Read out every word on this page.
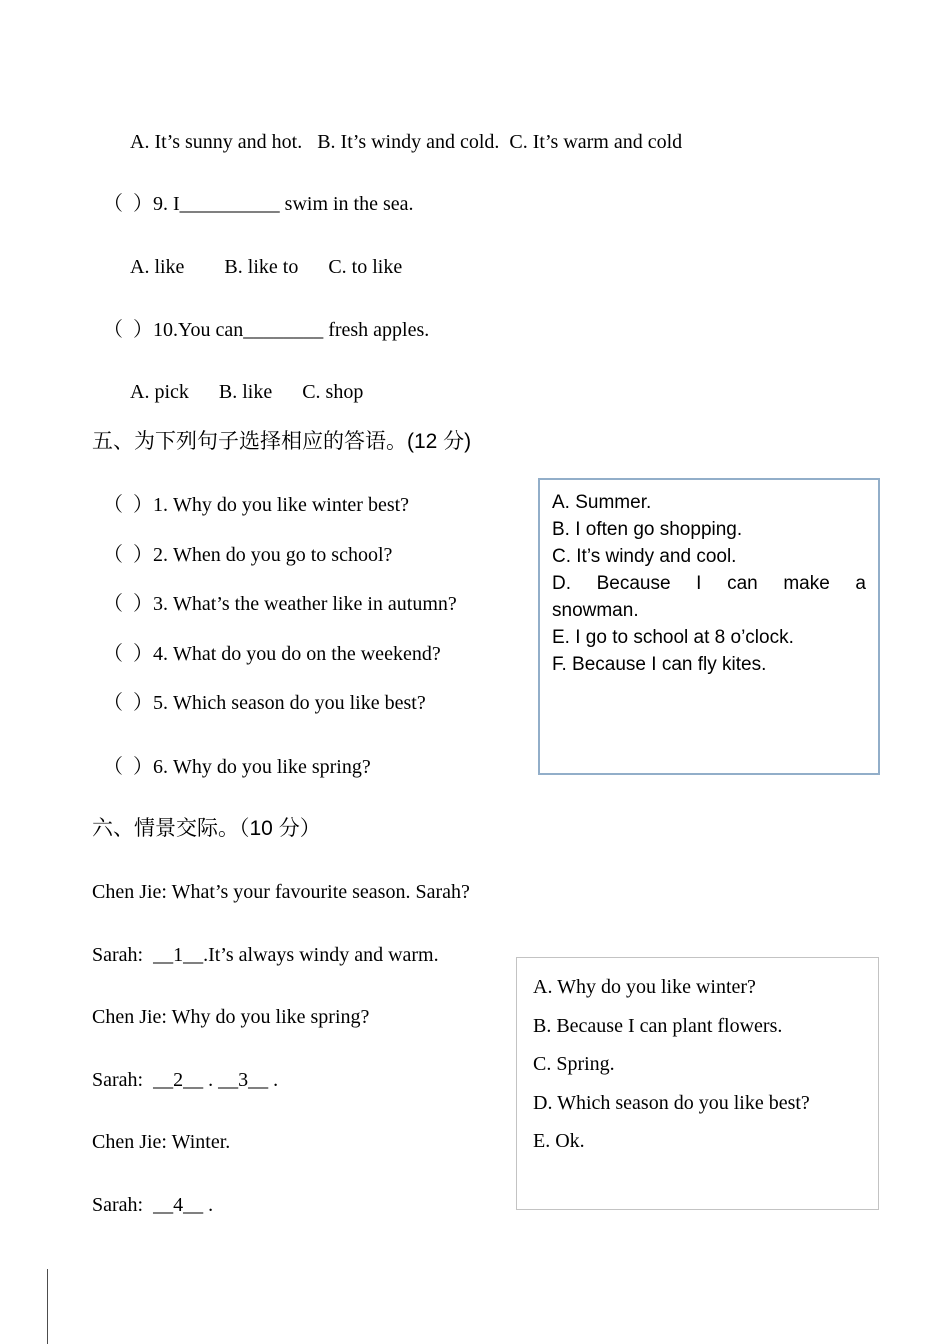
A. It’s sunny and hot.   B. It’s windy and cold.  C. It’s warm and cold
（  ）9. I__________ swim in the sea.
A. like        B. like to      C. to like
（  ）10.You can________ fresh apples.
A. pick      B. like      C. shop
五、为下列句子选择相应的答语。(12 分)
（  ）1. Why do you like winter best?
（  ）2. When do you go to school?
（  ）3. What’s the weather like in autumn?
（  ）4. What do you do on the weekend?
（  ）5. Which season do you like best?
（  ）6. Why do you like spring?
A. Summer.
B. I often go shopping.
C. It’s windy and cool.
D. Because I can make a
snowman.
E. I go to school at 8 o’clock.
F. Because I can fly kites.
六、情景交际。（10 分）
Chen Jie: What’s your favourite season. Sarah?
Sarah:  __1__.It’s always windy and warm.
Chen Jie: Why do you like spring?
Sarah:  __2__ . __3__ .
Chen Jie: Winter.
Sarah:  __4__ .
A. Why do you like winter?
B. Because I can plant flowers.
C. Spring.
D. Which season do you like best?
E. Ok.
